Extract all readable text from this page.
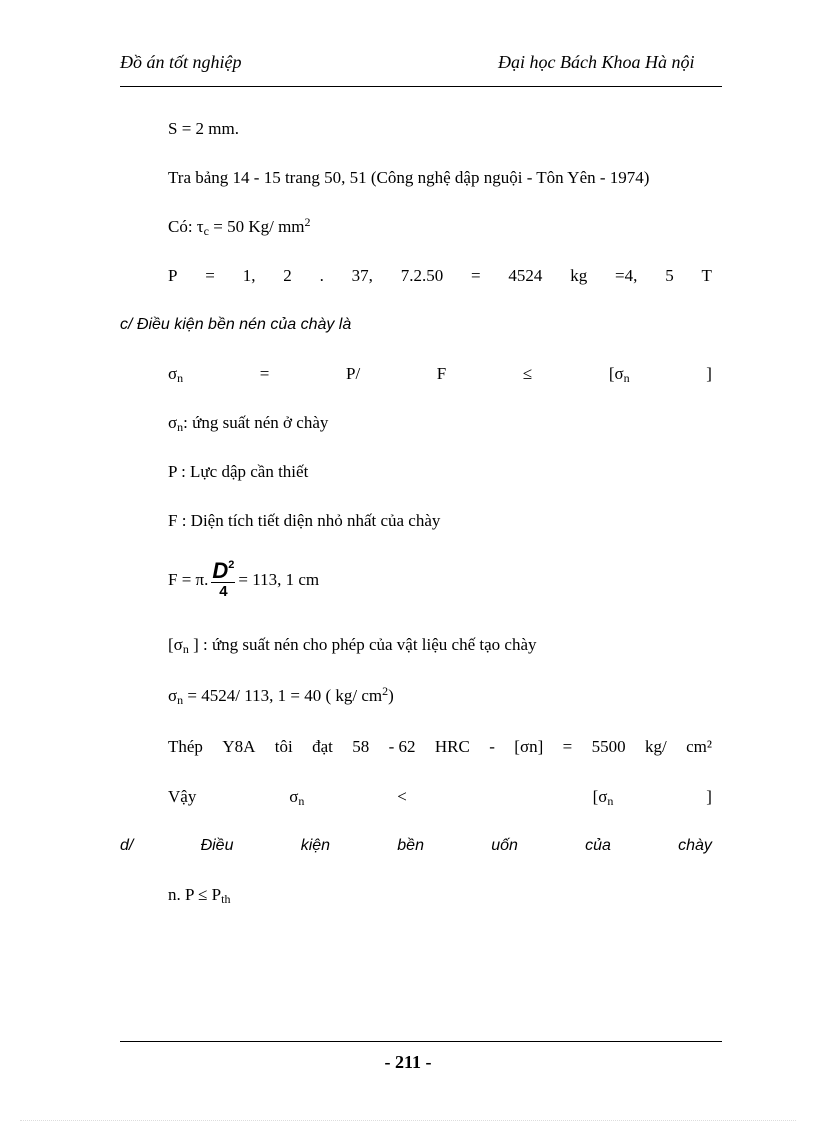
Đồ án tốt nghiệp	Đại học Bách Khoa Hà nội
S = 2 mm.
Tra bảng 14 - 15 trang 50, 51 (Công nghệ dập nguội - Tôn Yên - 1974)
Có: $\tau_c = 50$ Kg/ $mm^2$
P = 1, 2 . 37, 7.2.50 = 4524 kg =4, 5 T
c/ Điều kiện bền nén của chày là
$\sigma_n$	=	P/	F	≤	[$\sigma_n$	]
$\sigma_n$: ứng suất nén ở chày
P : Lực dập cần thiết
F : Diện tích tiết diện nhỏ nhất của chày
F = π. $\frac{D^2}{4} = 113$, 1 cm
[$\sigma_n$ ] : ứng suất nén cho phép của vật liệu chế tạo chày
$\sigma_n = 4524/$ 113, 1 = 40 ( kg/ $cm^2$)
Thép Y8A tôi đạt 58 - 62 HRC - [σn] = 5500 kg/ cm²
Vậy	$\sigma_n$	<	[$\sigma_n$	]
d/	Điều	kiện	bền	uốn	của	chày
n. $P \le P_{th}$
- 211 -
